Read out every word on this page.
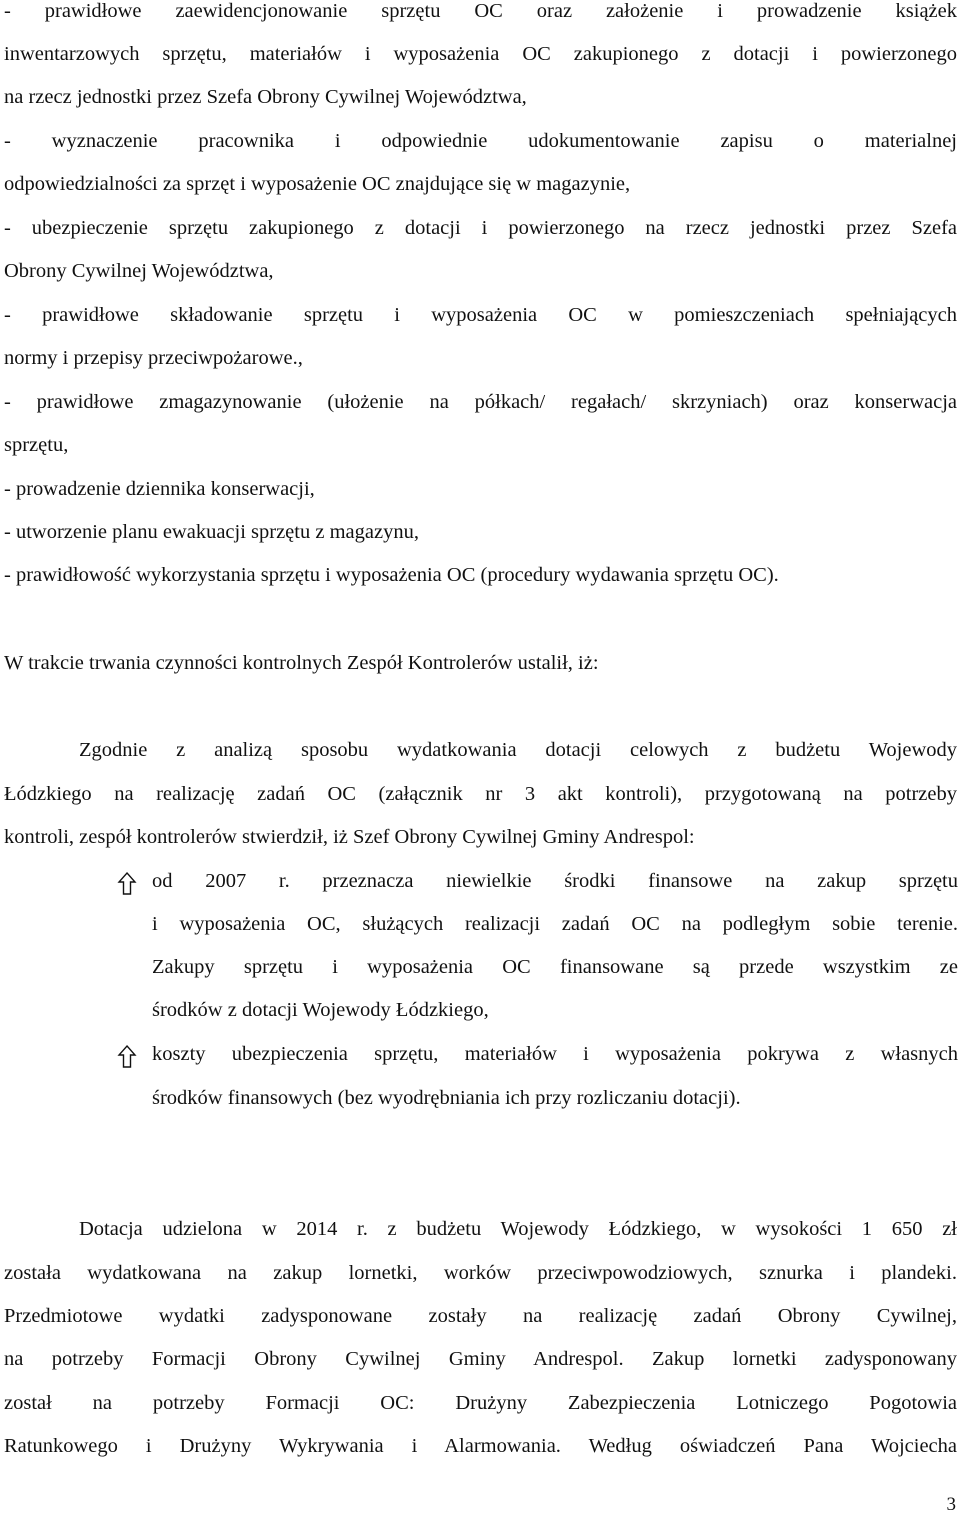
- prawidłowe zaewidencjonowanie sprzętu OC oraz założenie i prowadzenie książek
inwentarzowych sprzętu, materiałów i wyposażenia OC zakupionego z dotacji i powierzonego
na rzecz jednostki przez Szefa Obrony Cywilnej Województwa,
- wyznaczenie pracownika i odpowiednie udokumentowanie zapisu o materialnej
odpowiedzialności za sprzęt i wyposażenie OC znajdujące się w magazynie,
- ubezpieczenie sprzętu zakupionego z dotacji i powierzonego na rzecz jednostki przez Szefa
Obrony Cywilnej Województwa,
- prawidłowe składowanie sprzętu i wyposażenia OC w pomieszczeniach spełniających
normy i przepisy przeciwpożarowe.,
- prawidłowe zmagazynowanie (ułożenie na półkach/ regałach/ skrzyniach) oraz konserwacja
sprzętu,
- prowadzenie dziennika konserwacji,
- utworzenie planu ewakuacji sprzętu z magazynu,
- prawidłowość wykorzystania sprzętu i wyposażenia OC (procedury wydawania sprzętu OC).
W trakcie trwania czynności kontrolnych Zespół Kontrolerów ustalił, iż:
Zgodnie z analizą sposobu wydatkowania dotacji celowych z budżetu Wojewody
Łódzkiego na realizację zadań OC (załącznik nr 3 akt kontroli), przygotowaną na potrzeby
kontroli, zespół kontrolerów stwierdził, iż Szef Obrony Cywilnej Gminy Andrespol:
od 2007 r. przeznacza niewielkie środki finansowe na zakup sprzętu
i wyposażenia OC, służących realizacji zadań OC na podległym sobie terenie.
Zakupy sprzętu i wyposażenia OC finansowane są przede wszystkim ze
środków z dotacji Wojewody Łódzkiego,
koszty ubezpieczenia sprzętu, materiałów i wyposażenia pokrywa z własnych
środków finansowych (bez wyodrębniania ich przy rozliczaniu dotacji).
Dotacja udzielona w 2014 r. z budżetu Wojewody Łódzkiego, w wysokości 1 650 zł
została wydatkowana na zakup lornetki, worków przeciwpowodziowych, sznurka i plandeki.
Przedmiotowe wydatki zadysponowane zostały na realizację zadań Obrony Cywilnej,
na potrzeby Formacji Obrony Cywilnej Gminy Andrespol. Zakup lornetki zadysponowany
został na potrzeby Formacji OC: Drużyny Zabezpieczenia Lotniczego Pogotowia
Ratunkowego i Drużyny Wykrywania i Alarmowania. Według oświadczeń Pana Wojciecha
3
